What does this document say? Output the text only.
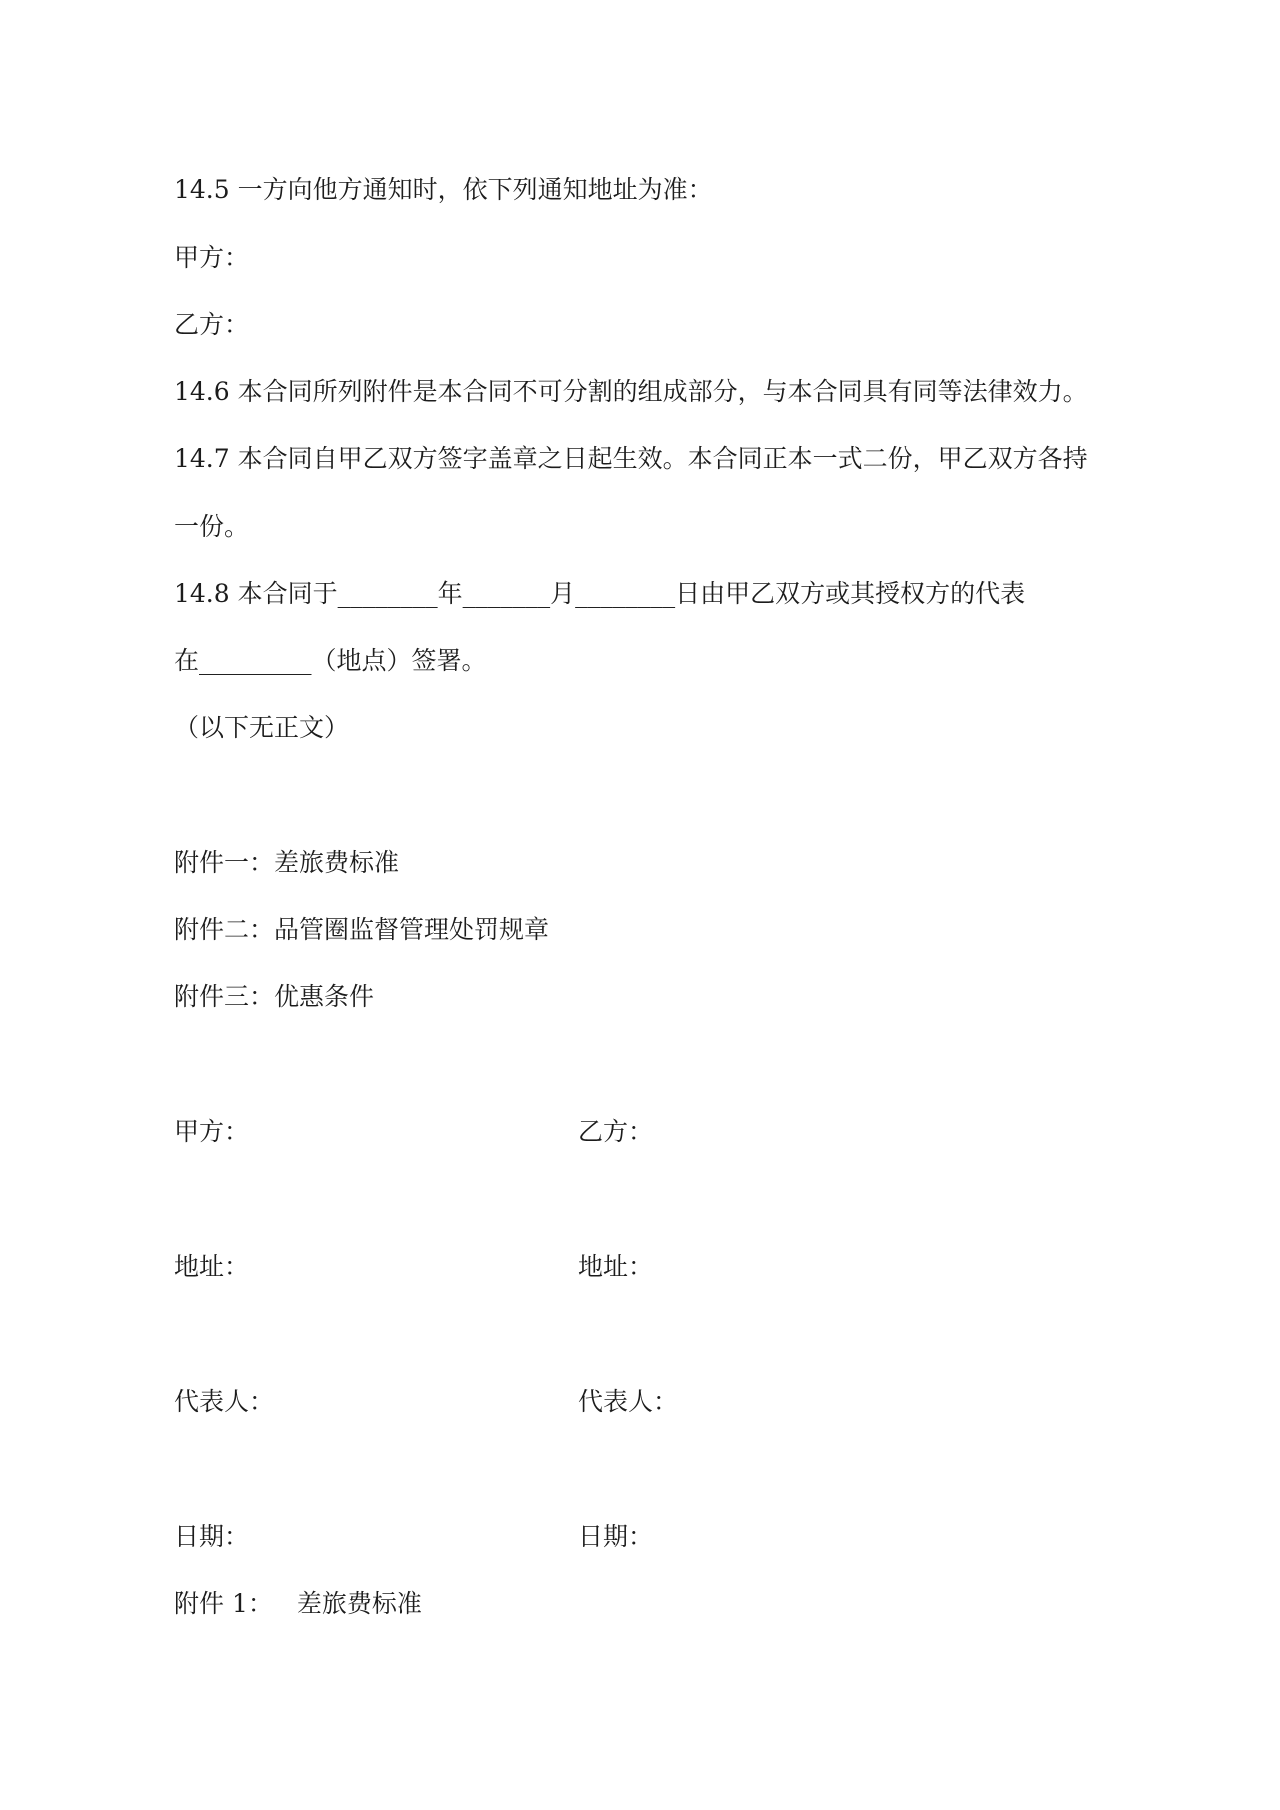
14.5 一方向他方通知时，依下列通知地址为准：

甲方：

乙方：

14.6 本合同所列附件是本合同不可分割的组成部分，与本合同具有同等法律效力。

14.7 本合同自甲乙双方签字盖章之日起生效。本合同正本一式二份，甲乙双方各持

一份。

14.8 本合同于________年_______月________日由甲乙双方或其授权方的代表

在_________（地点）签署。

（以下无正文）

附件一：差旅费标准

附件二：品管圈监督管理处罚规章

附件三：优惠条件

甲方：	乙方：

地址：	地址：

代表人：	代表人：

日期：	日期：

附件 1： 差旅费标准
